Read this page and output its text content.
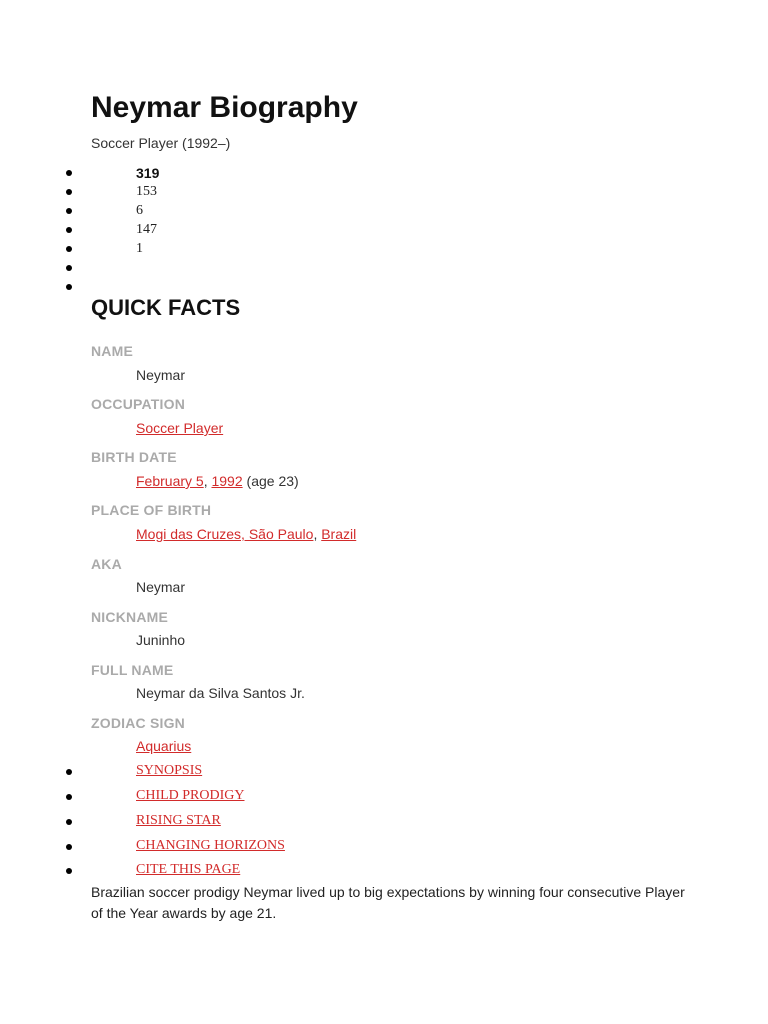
Neymar Biography
Soccer Player (1992–)
319
153
6
147
1
QUICK FACTS
NAME
Neymar
OCCUPATION
Soccer Player
BIRTH DATE
February 5, 1992 (age 23)
PLACE OF BIRTH
Mogi das Cruzes, São Paulo, Brazil
AKA
Neymar
NICKNAME
Juninho
FULL NAME
Neymar da Silva Santos Jr.
ZODIAC SIGN
Aquarius
SYNOPSIS
CHILD PRODIGY
RISING STAR
CHANGING HORIZONS
CITE THIS PAGE

Brazilian soccer prodigy Neymar lived up to big expectations by winning four consecutive Player of the Year awards by age 21.
